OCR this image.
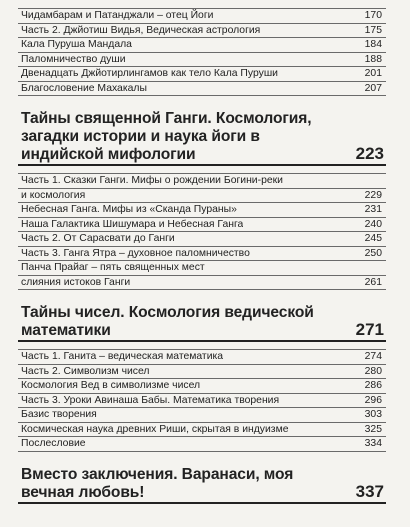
Чидамбарам и Патанджали – отец Йоги	170
Часть 2. Джйотиш Видья, Ведическая астрология	175
Кала Пуруша Мандала	184
Паломничество души	188
Двенадцать Джйотирлингамов как тело Кала Пуруши	201
Благословение Махакалы	207
Тайны священной Ганги. Космология, загадки истории и наука йоги в индийской мифологии	223
Часть 1. Сказки Ганги. Мифы о рождении Богини-реки
и космология	229
Небесная Ганга. Мифы из «Сканда Пураны»	231
Наша Галактика Шишумара и Небесная Ганга	240
Часть 2. От Сарасвати до Ганги	245
Часть 3. Ганга Ятра – духовное паломничество	250
Панча Прайаг – пять священных мест
слияния истоков Ганги	261
Тайны чисел. Космология ведической математики	271
Часть 1. Ганита – ведическая математика	274
Часть 2. Символизм чисел	280
Космология Вед в символизме чисел	286
Часть 3. Уроки Авинаша Бабы. Математика творения	296
Базис творения	303
Космическая наука древних Риши, скрытая в индуизме	325
Послесловие	334
Вместо заключения. Варанаси, моя вечная любовь!	337
